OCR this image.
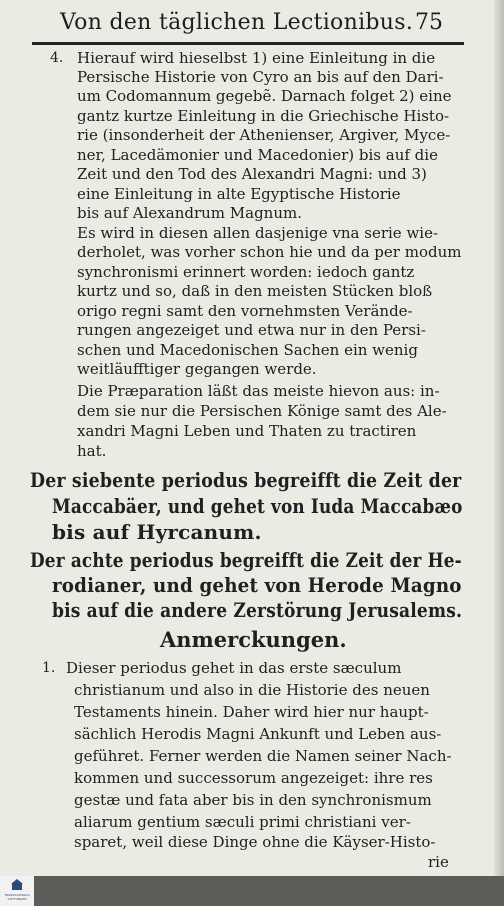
Von den täglichen Lectionibus. 75
4. Hierauf wird hieselbst 1) eine Einleitung in die
Persische Historie von Cyro an bis auf den Dari-
um Codomannum gegebẽ. Darnach folget 2) eine
gantz kurtze Einleitung in die Griechische Histo-
rie (insonderheit der Athenienser, Argiver, Myce-
ner, Lacedämonier und Macedonier) bis auf die
Zeit und den Tod des Alexandri Magni: und 3)
eine Einleitung in alte Egyptische Historie
bis auf Alexandrum Magnum.
Es wird in diesen allen dasjenige vna serie wie-
derholet, was vorher schon hie und da per modum
synchronismi erinnert worden: iedoch gantz
kurtz und so, daß in den meisten Stücken bloß
origo regni samt den vornehmsten Verände-
rungen angezeiget und etwa nur in den Persi-
schen und Macedonischen Sachen ein wenig
weitläufftiger gegangen werde.
Die Præparation läßt das meiste hievon aus: in-
dem sie nur die Persischen Könige samt des Ale-
xandri Magni Leben und Thaten zu tractiren
hat.
Der siebente periodus begreifft die Zeit der
Maccabäer, und gehet von Iuda Maccabæo
bis auf Hyrcanum.
Der achte periodus begreifft die Zeit der He-
rodianer, und gehet von Herode Magno
bis auf die andere Zerstörung Jerusalems.
Anmerckungen.
1. Dieser periodus gehet in das erste sæculum
christianum und also in die Historie des neuen
Testaments hinein. Daher wird hier nur haupt-
sächlich Herodis Magni Ankunft und Leben aus-
geführet. Ferner werden die Namen seiner Nach-
kommen und successorum angezeiget: ihre res
gestæ und fata aber bis in den synchronismum
aliarum gentium sæculi primi christiani ver-
sparet, weil diese Dinge ohne die Käyser-Histo-
rie
TRANSSAXONICA STIFTUNGEN
